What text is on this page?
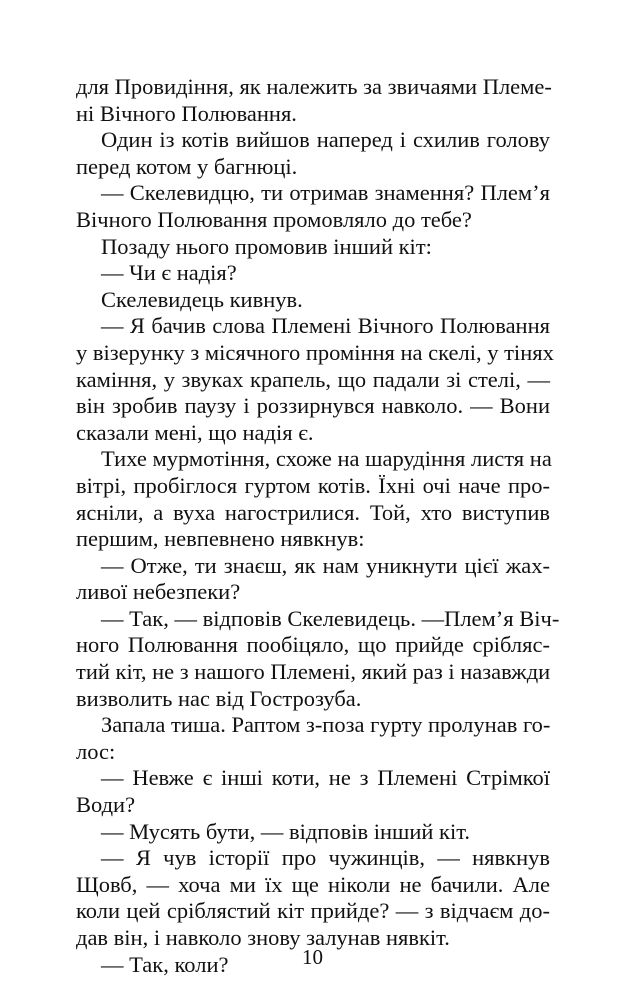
для Провидіння, як належить за звичаями Племе-
ні Вічного Полювання.
Один із котів вийшов наперед і схилив голову
перед котом у багнюці.
— Скелевидцю, ти отримав знамення? Плем’я
Вічного Полювання промовляло до тебе?
Позаду нього промовив інший кіт:
— Чи є надія?
Скелевидець кивнув.
— Я бачив слова Племені Вічного Полювання
у візерунку з місячного проміння на скелі, у тінях
каміння, у звуках крапель, що падали зі стелі, —
він зробив паузу і роззирнувся навколо. — Вони
сказали мені, що надія є.
Тихе мурмотіння, схоже на шарудіння листя на
вітрі, пробіглося гуртом котів. Їхні очі наче про-
ясніли, а вуха нагострилися. Той, хто виступив
першим, невпевнено нявкнув:
— Отже, ти знаєш, як нам уникнути цієї жах-
ливої небезпеки?
— Так, — відповів Скелевидець. —Плем’я Віч-
ного Полювання пообіцяло, що прийде срібляс-
тий кіт, не з нашого Племені, який раз і назавжди
визволить нас від Гострозуба.
Запала тиша. Раптом з-поза гурту пролунав го-
лос:
— Невже є інші коти, не з Племені Стрімкої
Води?
— Мусять бути, — відповів інший кіт.
— Я чув історії про чужинців, — нявкнув
Щовб, — хоча ми їх ще ніколи не бачили. Але
коли цей сріблястий кіт прийде? — з відчаєм до-
дав він, і навколо знову залунав нявкіт.
— Так, коли?	10
